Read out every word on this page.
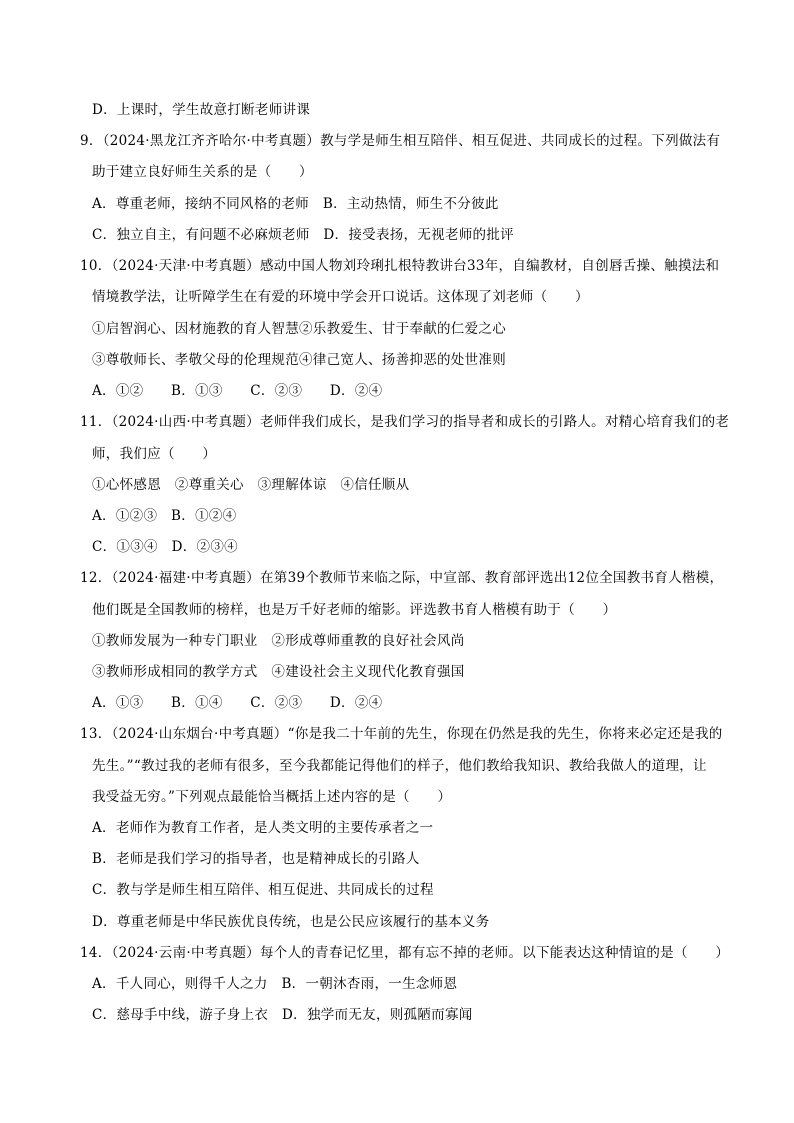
D．上课时，学生故意打断老师讲课
9．（2024·黑龙江齐齐哈尔·中考真题）教与学是师生相互陪伴、相互促进、共同成长的过程。下列做法有
助于建立良好师生关系的是（　　）
A．尊重老师，接纳不同风格的老师　B．主动热情，师生不分彼此
C．独立自主，有问题不必麻烦老师　D．接受表扬，无视老师的批评
10．（2024·天津·中考真题）感动中国人物刘玲琍扎根特教讲台33年，自编教材，自创唇舌操、触摸法和
情境教学法，让听障学生在有爱的环境中学会开口说话。这体现了刘老师（　　）
①启智润心、因材施教的育人智慧②乐教爱生、甘于奉献的仁爱之心
③尊敬师长、孝敬父母的伦理规范④律己宽人、扬善抑恶的处世准则
A．①②　　B．①③　　C．②③　　D．②④
11．（2024·山西·中考真题）老师伴我们成长，是我们学习的指导者和成长的引路人。对精心培育我们的老
师，我们应（　　）
①心怀感恩　②尊重关心　③理解体谅　④信任顺从
A．①②③　B．①②④
C．①③④　D．②③④
12．（2024·福建·中考真题）在第39个教师节来临之际，中宣部、教育部评选出12位全国教书育人楷模，
他们既是全国教师的榜样，也是万千好老师的缩影。评选教书育人楷模有助于（　　）
①教师发展为一种专门职业　②形成尊师重教的良好社会风尚
③教师形成相同的教学方式　④建设社会主义现代化教育强国
A．①③　　B．①④　　C．②③　　D．②④
13．（2024·山东烟台·中考真题）“你是我二十年前的先生，你现在仍然是我的先生，你将来必定还是我的
先生。”“教过我的老师有很多，至今我都能记得他们的样子，他们教给我知识、教给我做人的道理，让
我受益无穷。”下列观点最能恰当概括上述内容的是（　　）
A．老师作为教育工作者，是人类文明的主要传承者之一
B．老师是我们学习的指导者，也是精神成长的引路人
C．教与学是师生相互陪伴、相互促进、共同成长的过程
D．尊重老师是中华民族优良传统，也是公民应该履行的基本义务
14．（2024·云南·中考真题）每个人的青春记忆里，都有忘不掉的老师。以下能表达这种情谊的是（　　）
A．千人同心，则得千人之力　B．一朝沐杏雨，一生念师恩
C．慈母手中线，游子身上衣　D．独学而无友，则孤陋而寡闻
